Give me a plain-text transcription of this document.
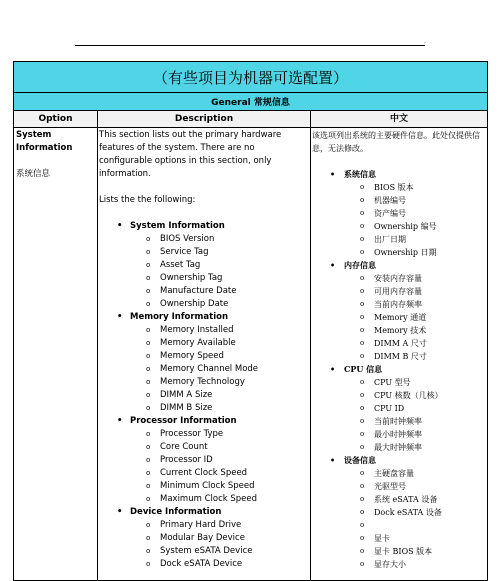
.
（有些项目为机器可选配置）
General 常规信息
Option	Description	中文
System
Information
系统信息
This section lists out the primary hardware features of the system. There are no configurable options in this section, only information.
Lists the the following:
• System Information
o BIOS Version
o Service Tag
o Asset Tag
o Ownership Tag
o Manufacture Date
o Ownership Date
• Memory Information
o Memory Installed
o Memory Available
o Memory Speed
o Memory Channel Mode
o Memory Technology
o DIMM A Size
o DIMM B Size
• Processor Information
o Processor Type
o Core Count
o Processor ID
o Current Clock Speed
o Minimum Clock Speed
o Maximum Clock Speed
• Device Information
o Primary Hard Drive
o Modular Bay Device
o System eSATA Device
o Dock eSATA Device
该选项列出系统的主要硬件信息。此处仅提供信息，无法修改。
• 系统信息
o BIOS 版本
o 机器编号
o 资产编号
o Ownership 编号
o 出厂日期
o Ownership 日期
• 内存信息
o 安装内存容量
o 可用内存容量
o 当前内存频率
o Memory 通道
o Memory 技术
o DIMM A 尺寸
o DIMM B 尺寸
• CPU 信息
o CPU 型号
o CPU 核数（几核）
o CPU ID
o 当前时钟频率
o 最小时钟频率
o 最大时钟频率
• 设备信息
o 主硬盘容量
o 光驱型号
o 系统 eSATA 设备
o Dock eSATA 设备
o
o 显卡
o 显卡 BIOS 版本
o 显存大小
